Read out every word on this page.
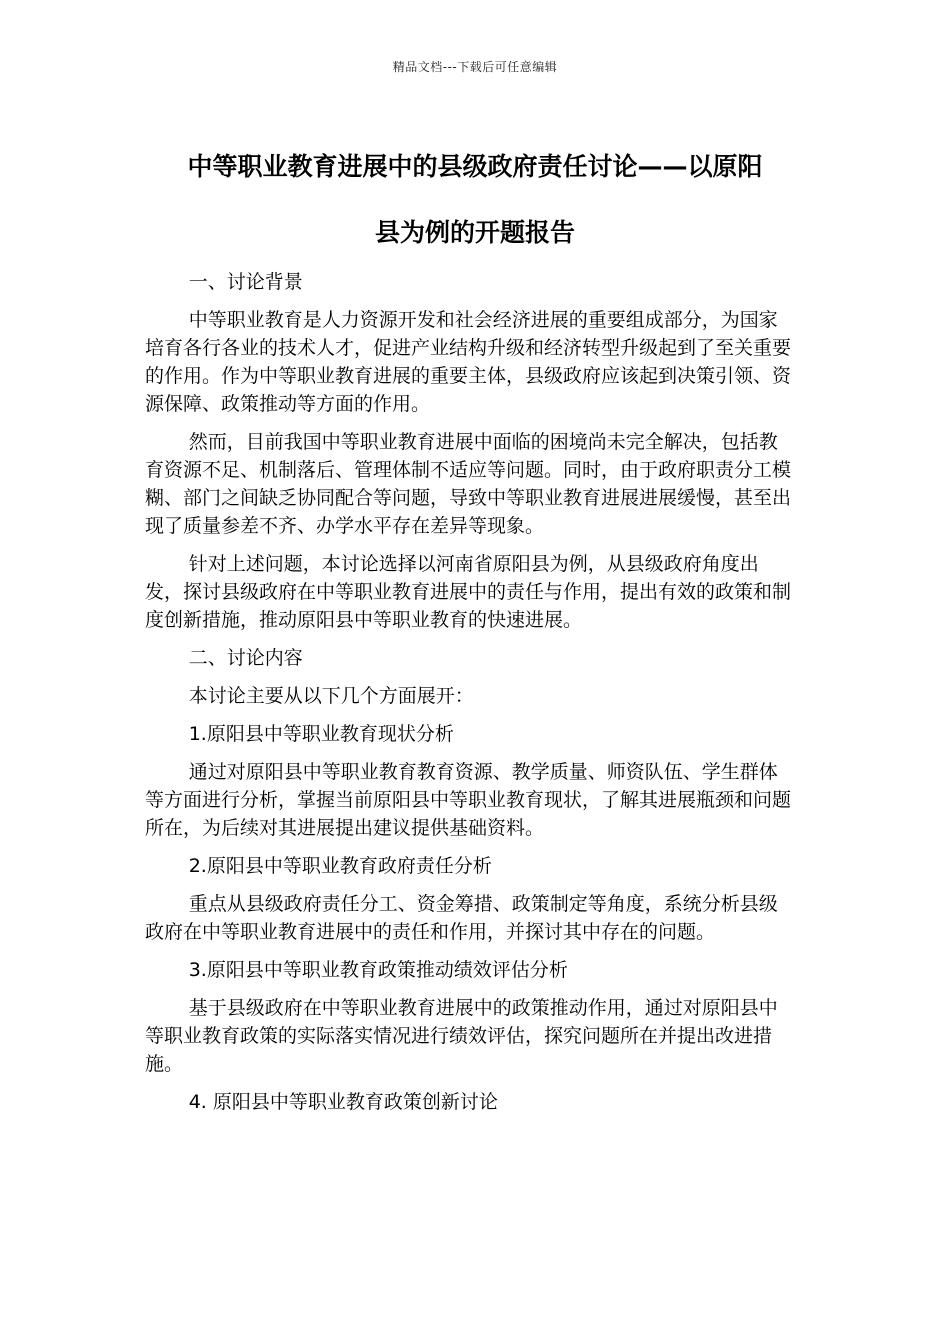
精品文档---下载后可任意编辑
中等职业教育进展中的县级政府责任讨论——以原阳
县为例的开题报告

一、讨论背景

中等职业教育是人力资源开发和社会经济进展的重要组成部分，为国家培育各行各业的技术人才，促进产业结构升级和经济转型升级起到了至关重要的作用。作为中等职业教育进展的重要主体，县级政府应该起到决策引领、资源保障、政策推动等方面的作用。

然而，目前我国中等职业教育进展中面临的困境尚未完全解决，包括教育资源不足、机制落后、管理体制不适应等问题。同时，由于政府职责分工模糊、部门之间缺乏协同配合等问题，导致中等职业教育进展进展缓慢，甚至出现了质量参差不齐、办学水平存在差异等现象。

针对上述问题，本讨论选择以河南省原阳县为例，从县级政府角度出发，探讨县级政府在中等职业教育进展中的责任与作用，提出有效的政策和制度创新措施，推动原阳县中等职业教育的快速进展。

二、讨论内容

本讨论主要从以下几个方面展开：

1.原阳县中等职业教育现状分析

通过对原阳县中等职业教育教育资源、教学质量、师资队伍、学生群体等方面进行分析，掌握当前原阳县中等职业教育现状，了解其进展瓶颈和问题所在，为后续对其进展提出建议提供基础资料。

2.原阳县中等职业教育政府责任分析

重点从县级政府责任分工、资金筹措、政策制定等角度，系统分析县级政府在中等职业教育进展中的责任和作用，并探讨其中存在的问题。

3.原阳县中等职业教育政策推动绩效评估分析

基于县级政府在中等职业教育进展中的政策推动作用，通过对原阳县中等职业教育政策的实际落实情况进行绩效评估，探究问题所在并提出改进措施。

4. 原阳县中等职业教育政策创新讨论
